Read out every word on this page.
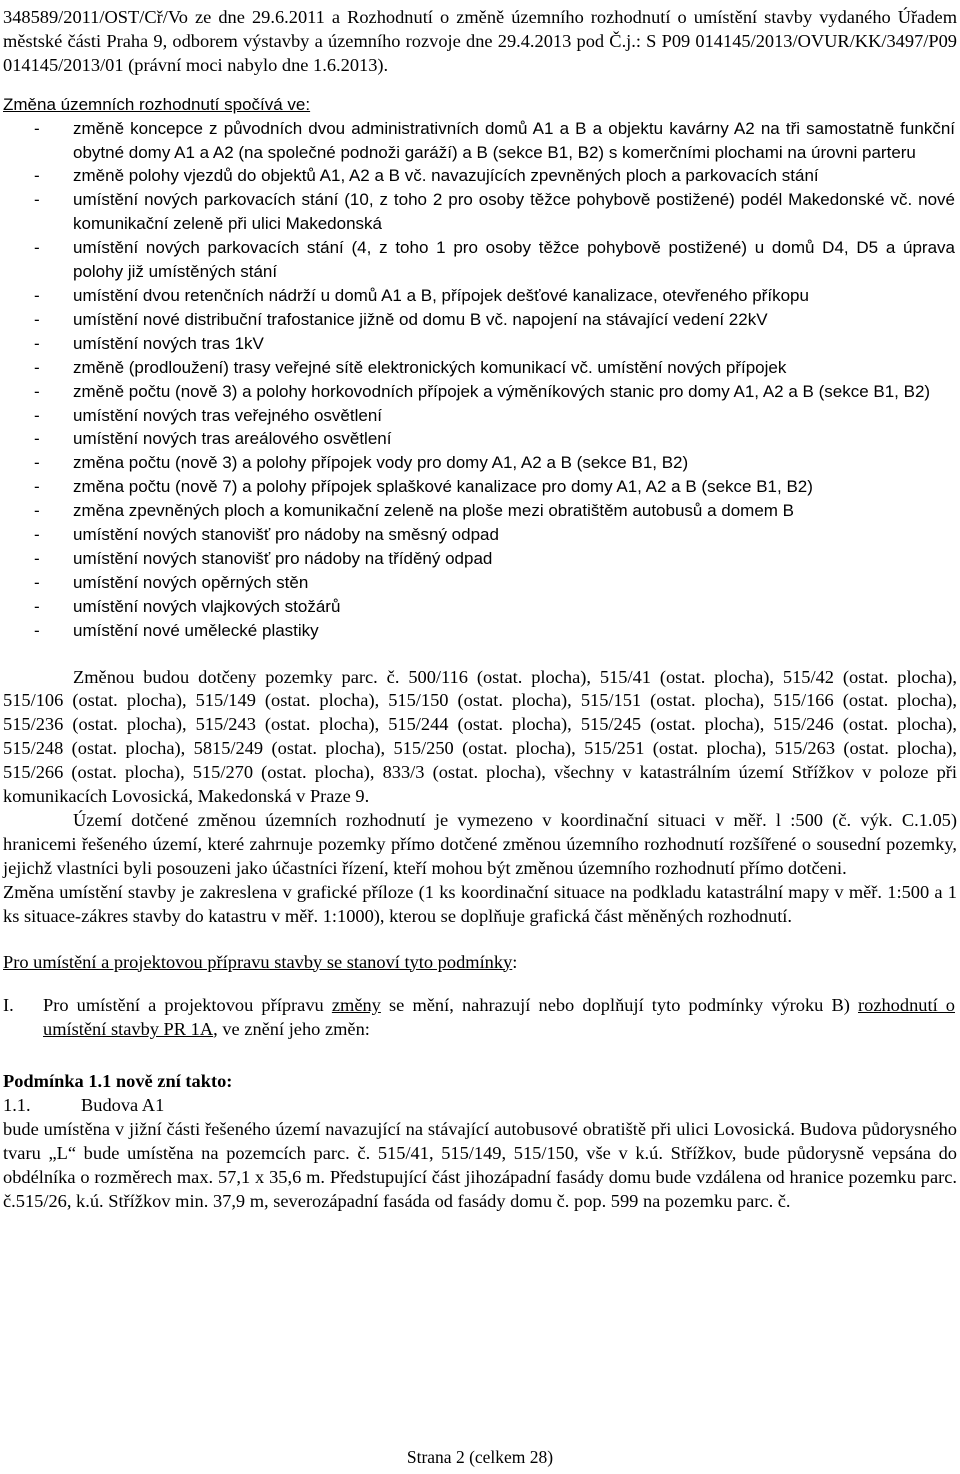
348589/2011/OST/Cř/Vo ze dne 29.6.2011 a Rozhodnutí o změně územního rozhodnutí o umístění stavby vydaného Úřadem městské části Praha 9, odborem výstavby a územního rozvoje dne 29.4.2013 pod Č.j.: S P09 014145/2013/OVUR/KK/3497/P09 014145/2013/01 (právní moci nabylo dne 1.6.2013).

Změna územních rozhodnutí spočívá ve:
- změně koncepce z původních dvou administrativních domů A1 a B a objektu kavárny A2 na tři samostatně funkční obytné domy A1 a A2 (na společné podnoži garáží) a B (sekce B1, B2) s komerčními plochami na úrovni parteru
- změně polohy vjezdů do objektů A1, A2 a B vč. navazujících zpevněných ploch a parkovacích stání
- umístění nových parkovacích stání (10, z toho 2 pro osoby těžce pohybově postižené) podél Makedonské vč. nové komunikační zeleně při ulici Makedonská
- umístění nových parkovacích stání (4, z toho 1 pro osoby těžce pohybově postižené) u domů D4, D5 a úprava polohy již umístěných stání
- umístění dvou retenčních nádrží u domů A1 a B, přípojek dešťové kanalizace, otevřeného příkopu
- umístění nové distribuční trafostanice jižně od domu B vč. napojení na stávající vedení 22kV
- umístění nových tras 1kV
- změně (prodloužení) trasy veřejné sítě elektronických komunikací vč. umístění nových přípojek
- změně počtu (nově 3) a polohy horkovodních přípojek a výměníkových stanic pro domy A1, A2 a B (sekce B1, B2)
- umístění nových tras veřejného osvětlení
- umístění nových tras areálového osvětlení
- změna počtu (nově 3) a polohy přípojek vody pro domy A1, A2 a B (sekce B1, B2)
- změna počtu (nově 7) a polohy přípojek splaškové kanalizace pro domy A1, A2 a B (sekce B1, B2)
- změna zpevněných ploch a komunikační zeleně na ploše mezi obratištěm autobusů a domem B
- umístění nových stanovišť pro nádoby na směsný odpad
- umístění nových stanovišť pro nádoby na tříděný odpad
- umístění nových opěrných stěn
- umístění nových vlajkových stožárů
- umístění nové umělecké plastiky

Změnou budou dotčeny pozemky parc. č. 500/116 (ostat. plocha), 515/41 (ostat. plocha), 515/42 (ostat. plocha), 515/106 (ostat. plocha), 515/149 (ostat. plocha), 515/150 (ostat. plocha), 515/151 (ostat. plocha), 515/166 (ostat. plocha), 515/236 (ostat. plocha), 515/243 (ostat. plocha), 515/244 (ostat. plocha), 515/245 (ostat. plocha), 515/246 (ostat. plocha), 515/248 (ostat. plocha), 5815/249 (ostat. plocha), 515/250 (ostat. plocha), 515/251 (ostat. plocha), 515/263 (ostat. plocha), 515/266 (ostat. plocha), 515/270 (ostat. plocha), 833/3 (ostat. plocha), všechny v katastrálním území Střížkov v poloze při komunikacích Lovosická, Makedonská v Praze 9.

Území dotčené změnou územních rozhodnutí je vymezeno v koordinační situaci v měř. l :500 (č. výk. C.1.05) hranicemi řešeného území, které zahrnuje pozemky přímo dotčené změnou územního rozhodnutí rozšířené o sousední pozemky, jejichž vlastníci byli posouzeni jako účastníci řízení, kteří mohou být změnou územního rozhodnutí přímo dotčeni.

Změna umístění stavby je zakreslena v grafické příloze (1 ks koordinační situace na podkladu katastrální mapy v měř. 1:500 a 1 ks situace-zákres stavby do katastru v měř. 1:1000), kterou se doplňuje grafická část měněných rozhodnutí.

Pro umístění a projektovou přípravu stavby se stanoví tyto podmínky:

I.	Pro umístění a projektovou přípravu změny se mění, nahrazují nebo doplňují tyto podmínky výroku B) rozhodnutí o umístění stavby PR 1A, ve znění jeho změn:
Podmínka 1.1 nově zní takto:
1.1.	Budova A1

bude umístěna v jižní části řešeného území navazující na stávající autobusové obratiště při ulici Lovosická. Budova půdorysného tvaru „L“ bude umístěna na pozemcích parc. č. 515/41, 515/149, 515/150, vše v k.ú. Střížkov, bude půdorysně vepsána do obdélníka o rozměrech max. 57,1 x 35,6 m. Předstupující část jihozápadní fasády domu bude vzdálena od hranice pozemku parc. č.515/26, k.ú. Střížkov min. 37,9 m, severozápadní fasáda od fasády domu č. pop. 599 na pozemku parc. č.

Strana 2 (celkem 28)
